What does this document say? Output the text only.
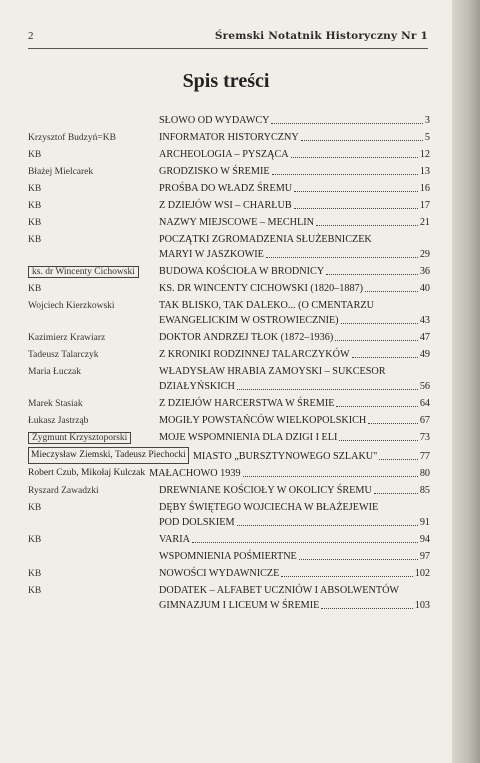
2	Śremski Notatnik Historyczny Nr 1
Spis treści
SŁOWO OD WYDAWCY	3
Krzysztof Budzyń=KB	INFORMATOR HISTORYCZNY	5
KB	ARCHEOLOGIA – PYSZĄCA	12
Błażej Mielcarek	GRODZISKO W ŚREMIE	13
KB	PROŚBA DO WŁADZ ŚREMU	16
KB	Z DZIEJÓW WSI – CHARŁUB	17
KB	NAZWY MIEJSCOWE – MECHLIN	21
KB	POCZĄTKI ZGROMADZENIA SŁUŻEBNICZEK
MARYI W JASZKOWIE	29
ks. dr Wincenty Cichowski	BUDOWA KOŚCIOŁA W BRODNICY	36
KB	KS. DR WINCENTY CICHOWSKI (1820–1887)	40
Wojciech Kierzkowski	TAK BLISKO, TAK DALEKO... (O CMENTARZU
EWANGELICKIM W OSTROWIECZNIE)	43
Kazimierz Krawiarz	DOKTOR ANDRZEJ TŁOK (1872–1936)	47
Tadeusz Talarczyk	Z KRONIKI RODZINNEJ TALARCZYKÓW	49
Maria Łuczak	WŁADYSŁAW HRABIA ZAMOYSKI – SUKCESOR
DZIAŁYŃSKICH	56
Marek Stasiak	Z DZIEJÓW HARCERSTWA W ŚREMIE	64
Łukasz Jastrząb	MOGIŁY POWSTAŃCÓW WIELKOPOLSKICH	67
Zygmunt Krzysztoporski	MOJE WSPOMNIENIA DLA DZIGI I ELI	73
Mieczysław Ziemski, Tadeusz Piechocki MIASTO „BURSZTYNOWEGO SZLAKU"	77
Robert Czub, Mikołaj Kulczak MAŁACHOWO 1939	80
Ryszard Zawadzki	DREWNIANE KOŚCIOŁY W OKOLICY ŚREMU	85
KB	DĘBY ŚWIĘTEGO WOJCIECHA W BŁAŻEJEWIE
POD DOLSKIEM	91
KB	VARIA	94
WSPOMNIENIA POŚMIERTNE	97
KB	NOWOŚCI WYDAWNICZE	102
KB	DODATEK – ALFABET UCZNIÓW I ABSOLWENTÓW
GIMNAZJUM I LICEUM W ŚREMIE	103
